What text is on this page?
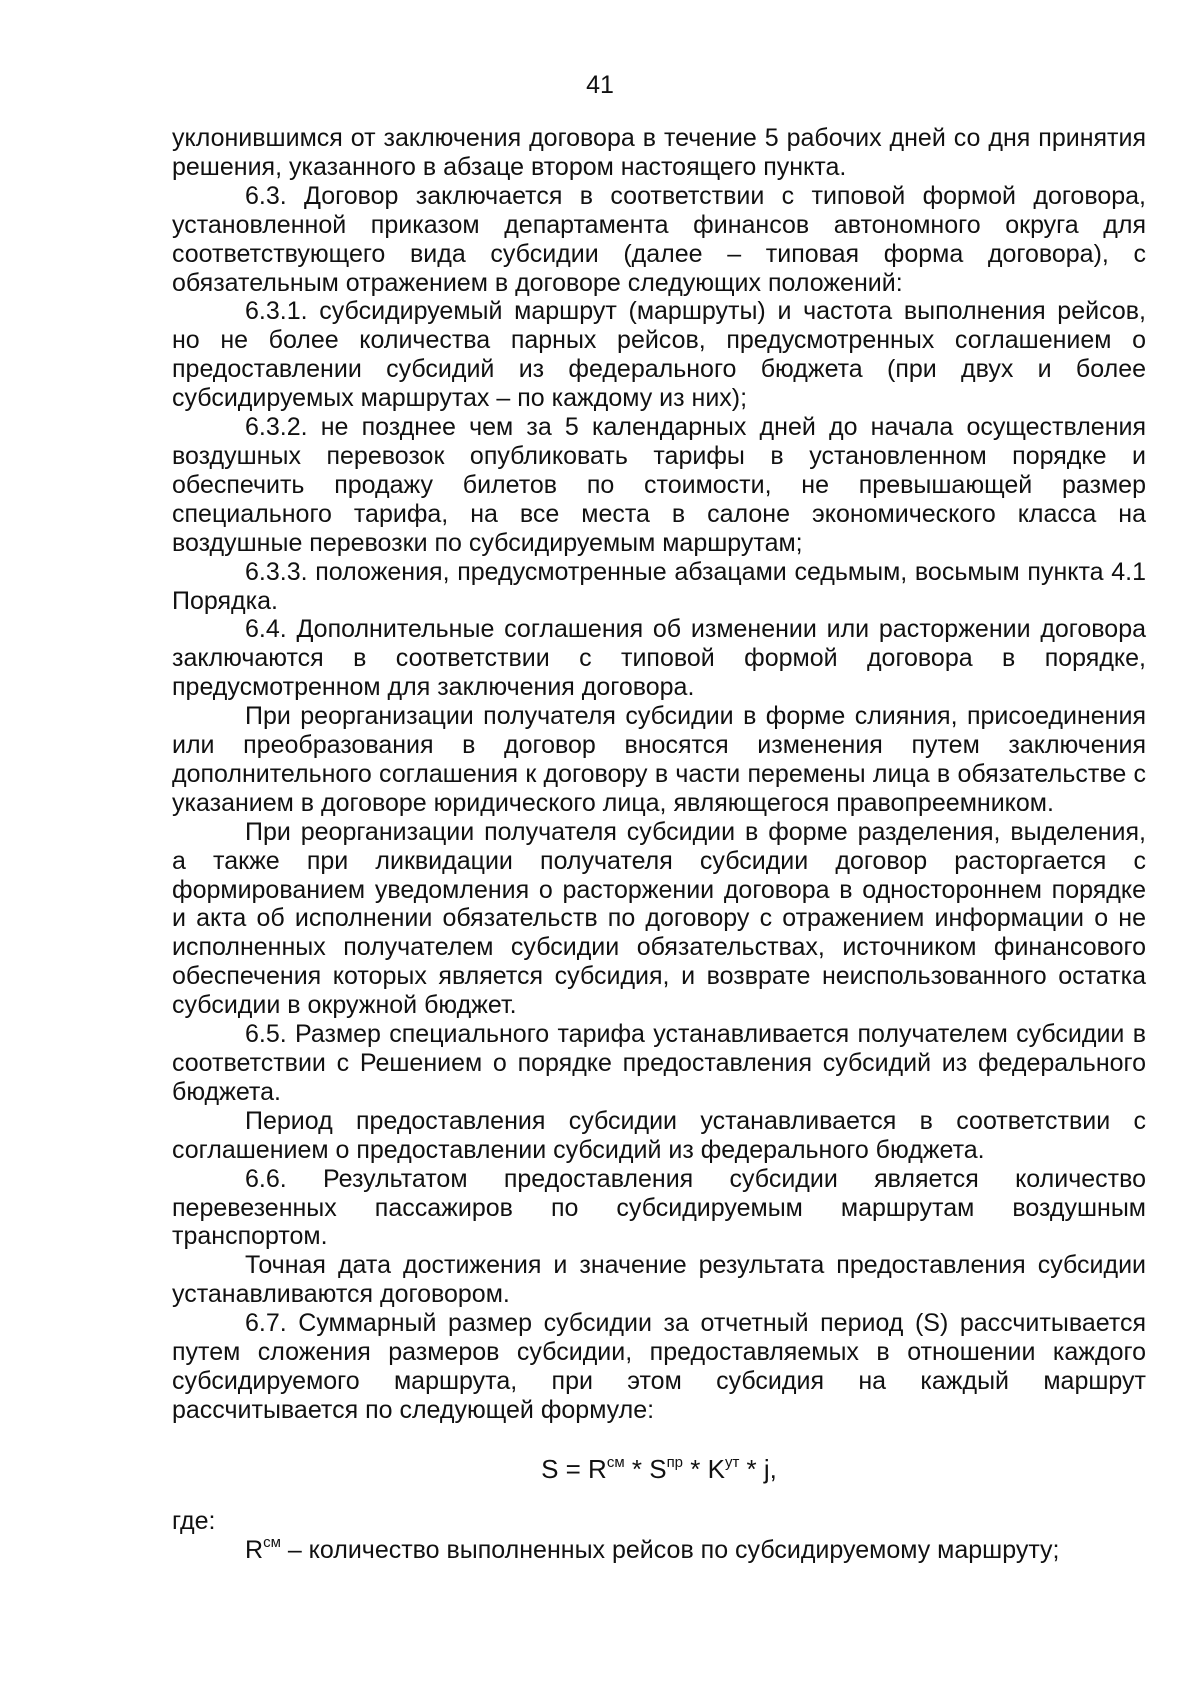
41

уклонившимся от заключения договора в течение 5 рабочих дней со дня принятия решения, указанного в абзаце втором настоящего пункта.

6.3. Договор заключается в соответствии с типовой формой договора, установленной приказом департамента финансов автономного округа для соответствующего вида субсидии (далее – типовая форма договора), с обязательным отражением в договоре следующих положений:

6.3.1. субсидируемый маршрут (маршруты) и частота выполнения рейсов, но не более количества парных рейсов, предусмотренных соглашением о предоставлении субсидий из федерального бюджета (при двух и более субсидируемых маршрутах – по каждому из них);

6.3.2. не позднее чем за 5 календарных дней до начала осуществления воздушных перевозок опубликовать тарифы в установленном порядке и обеспечить продажу билетов по стоимости, не превышающей размер специального тарифа, на все места в салоне экономического класса на воздушные перевозки по субсидируемым маршрутам;

6.3.3. положения, предусмотренные абзацами седьмым, восьмым пункта 4.1 Порядка.

6.4. Дополнительные соглашения об изменении или расторжении договора заключаются в соответствии с типовой формой договора в порядке, предусмотренном для заключения договора.

При реорганизации получателя субсидии в форме слияния, присоединения или преобразования в договор вносятся изменения путем заключения дополнительного соглашения к договору в части перемены лица в обязательстве с указанием в договоре юридического лица, являющегося правопреемником.

При реорганизации получателя субсидии в форме разделения, выделения, а также при ликвидации получателя субсидии договор расторгается с формированием уведомления о расторжении договора в одностороннем порядке и акта об исполнении обязательств по договору с отражением информации о не исполненных получателем субсидии обязательствах, источником финансового обеспечения которых является субсидия, и возврате неиспользованного остатка субсидии в окружной бюджет.

6.5. Размер специального тарифа устанавливается получателем субсидии в соответствии с Решением о порядке предоставления субсидий из федерального бюджета.

Период предоставления субсидии устанавливается в соответствии с соглашением о предоставлении субсидий из федерального бюджета.

6.6. Результатом предоставления субсидии является количество перевезенных пассажиров по субсидируемым маршрутам воздушным транспортом.

Точная дата достижения и значение результата предоставления субсидии устанавливаются договором.

6.7. Суммарный размер субсидии за отчетный период (S) рассчитывается путем сложения размеров субсидии, предоставляемых в отношении каждого субсидируемого маршрута, при этом субсидия на каждый маршрут рассчитывается по следующей формуле:

$S = R^{см} * S^{пр} * K^{ут} * j$,

где:

$R^{см}$ – количество выполненных рейсов по субсидируемому маршруту;
